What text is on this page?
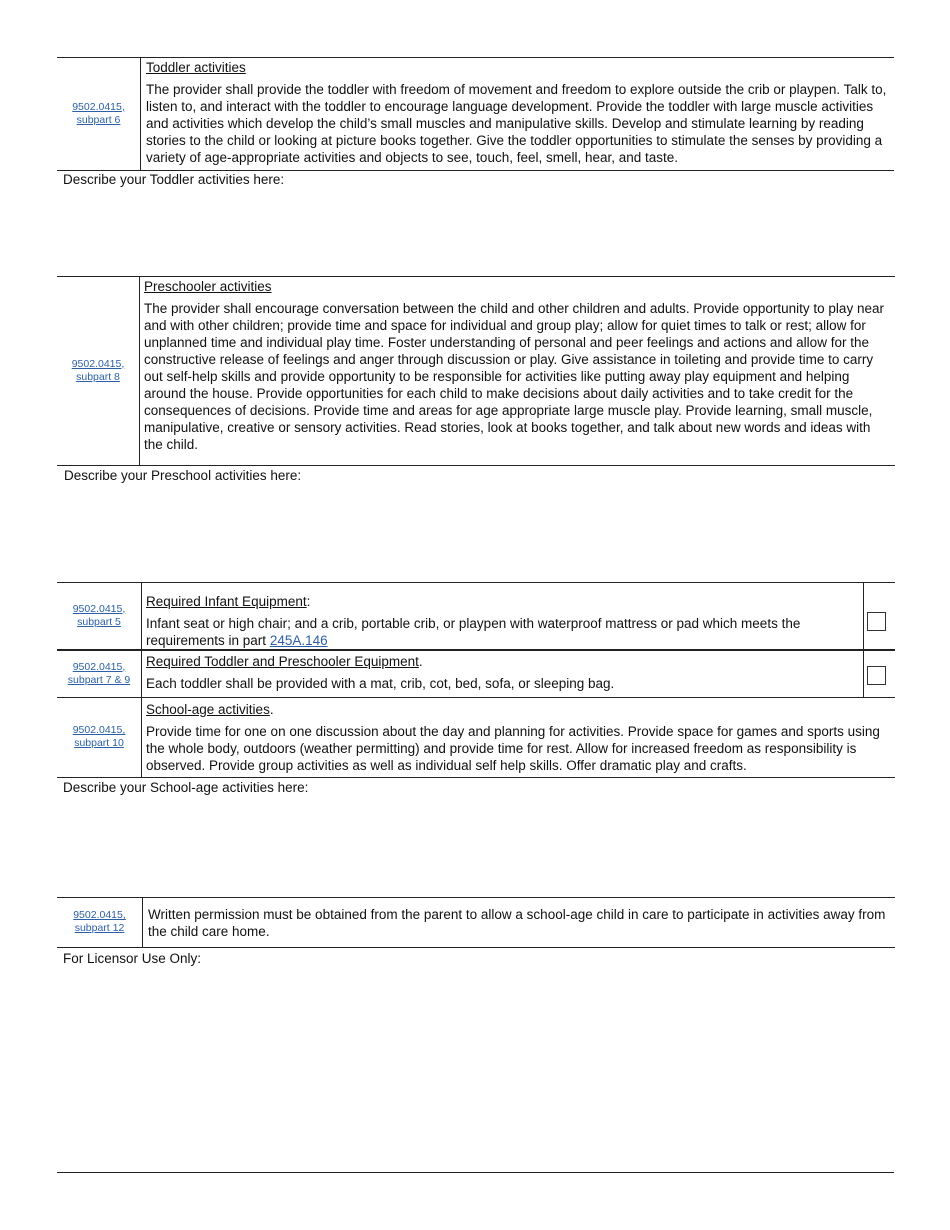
9502.0415,
subpart 6
Toddler activities
The provider shall provide the toddler with freedom of movement and freedom to explore outside the crib or playpen. Talk to, listen to, and interact with the toddler to encourage language development. Provide the toddler with large muscle activities and activities which develop the child’s small muscles and manipulative skills. Develop and stimulate learning by reading stories to the child or looking at picture books together. Give the toddler opportunities to stimulate the senses by providing a variety of age-appropriate activities and objects to see, touch, feel, smell, hear, and taste.
Describe your Toddler activities here:
9502.0415,
subpart 8
Preschooler activities
The provider shall encourage conversation between the child and other children and adults. Provide opportunity to play near and with other children; provide time and space for individual and group play; allow for quiet times to talk or rest; allow for unplanned time and individual play time. Foster understanding of personal and peer feelings and actions and allow for the constructive release of feelings and anger through discussion or play. Give assistance in toileting and provide time to carry out self-help skills and provide opportunity to be responsible for activities like putting away play equipment and helping around the house. Provide opportunities for each child to make decisions about daily activities and to take credit for the consequences of decisions. Provide time and areas for age appropriate large muscle play. Provide learning, small muscle, manipulative, creative or sensory activities. Read stories, look at books together, and talk about new words and ideas with the child.
Describe your Preschool activities here:
9502.0415,
subpart 5
Required Infant Equipment:
Infant seat or high chair; and a crib, portable crib, or playpen with waterproof mattress or pad which meets the requirements in part 245A.146
9502.0415,
subpart 7 & 9
Required Toddler and Preschooler Equipment.
Each toddler shall be provided with a mat, crib, cot, bed, sofa, or sleeping bag.
9502.0415,
subpart 10
School-age activities.
Provide time for one on one discussion about the day and planning for activities. Provide space for games and sports using the whole body, outdoors (weather permitting) and provide time for rest. Allow for increased freedom as responsibility is observed. Provide group activities as well as individual self help skills. Offer dramatic play and crafts.
Describe your School-age activities here:
9502.0415,
subpart 12
Written permission must be obtained from the parent to allow a school-age child in care to participate in activities away from the child care home.
For Licensor Use Only:
